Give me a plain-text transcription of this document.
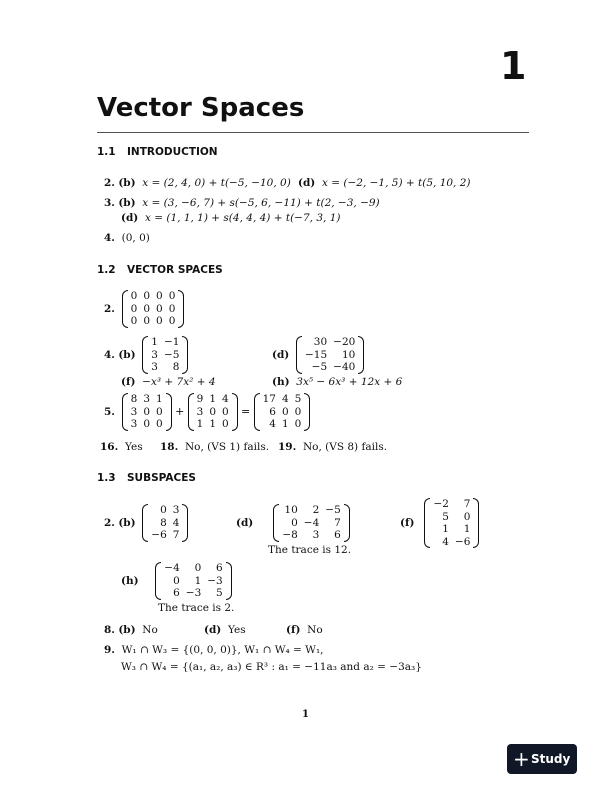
1
Vector Spaces
1.1 INTRODUCTION
2. (b) x = (2, 4, 0) + t(−5, −10, 0) (d) x = (−2, −1, 5) + t(5, 10, 2)
3. (b) x = (3, −6, 7) + s(−5, 6, −11) + t(2, −3, −9)
(d) x = (1, 1, 1) + s(4, 4, 4) + t(−7, 3, 1)
4. (0, 0)
1.2 VECTOR SPACES
2.
0	0	0	0
0	0	0	0
0	0	0	0
4. (b)
1	−1
3	−5
3	8
(d)
30	−20
−15	10
−5	−40
(f) −x³ + 7x² + 4	(h) 3x⁵ − 6x³ + 12x + 6
5.
8	3	1
3	0	0
3	0	0
+
9	1	4
3	0	0
1	1	0
=
17	4	5
6	0	0
4	1	0
16. Yes 18. No, (VS 1) fails. 19. No, (VS 8) fails.
1.3 SUBSPACES
2. (b)
0	3
8	4
−6	7
(d)
10	2	−5
0	−4	7
−8	3	6
The trace is 12.
(f)
−2	7
5	0
1	1
4	−6
(h)
−4	0	6
0	1	−3
6	−3	5
The trace is 2.
8. (b) No	(d) Yes	(f) No
9. W₁ ∩ W₃ = {(0, 0, 0)}, W₁ ∩ W₄ = W₁,
W₃ ∩ W₄ = {(a₁, a₂, a₃) ∈ R³ : a₁ = −11a₃ and a₂ = −3a₃}
1
+ Study
